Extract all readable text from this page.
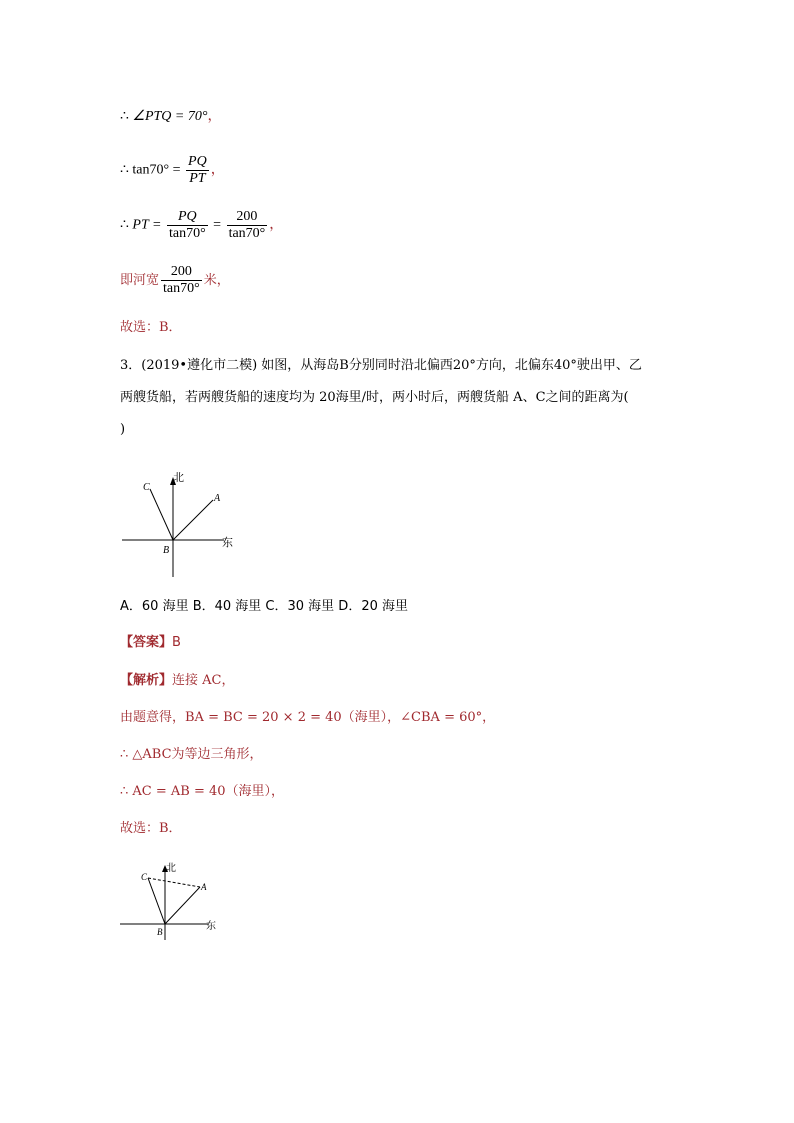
∴ ∠PTQ = 70°，
∴ $\tan 70^\circ = \frac{PQ}{PT}$ ，
∴ PT = $\frac{PQ}{\tan 70^\circ} = \frac{200}{\tan 70^\circ}$ ，
即河宽 $\frac{200}{\tan 70^\circ}$ 米，
故选：B．
3．(2019•遵化市二模) 如图，从海岛B分别同时沿北偏西20°方向，北偏东40°驶出甲、乙
两艘货船，若两艘货船的速度均为 20海里/时，两小时后，两艘货船 A、C之间的距离为(
)
北
东
C
A
B
A．60 海里 B．40 海里 C．30 海里 D．20 海里
【答案】B
【解析】连接 AC，
由题意得，BA = BC = 20 × 2 = 40（海里），∠CBA = 60°，
∴ △ABC为等边三角形，
∴ AC = AB = 40（海里），
故选：B．
北
东
C
A
B
